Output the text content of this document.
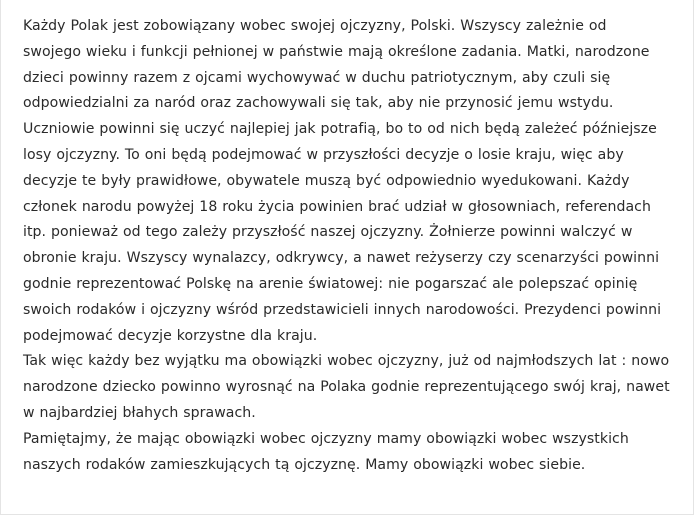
Każdy Polak jest zobowiązany wobec swojej ojczyzny, Polski. Wszyscy zależnie od
swojego wieku i funkcji pełnionej w państwie mają określone zadania. Matki, narodzone
dzieci powinny razem z ojcami wychowywać w duchu patriotycznym, aby czuli się
odpowiedzialni za naród oraz zachowywali się tak, aby nie przynosić jemu wstydu.
Uczniowie powinni się uczyć najlepiej jak potrafią, bo to od nich będą zależeć późniejsze
losy ojczyzny. To oni będą podejmować w przyszłości decyzje o losie kraju, więc aby
decyzje te były prawidłowe, obywatele muszą być odpowiednio wyedukowani. Każdy
członek narodu powyżej 18 roku życia powinien brać udział w głosowniach, referendach
itp. ponieważ od tego zależy przyszłość naszej ojczyzny. Żołnierze powinni walczyć w
obronie kraju. Wszyscy wynalazcy, odkrywcy, a nawet reżyserzy czy scenarzyści powinni
godnie reprezentować Polskę na arenie światowej: nie pogarszać ale polepszać opinię
swoich rodaków i ojczyzny wśród przedstawicieli innych narodowości. Prezydenci powinni
podejmować decyzje korzystne dla kraju.
Tak więc każdy bez wyjątku ma obowiązki wobec ojczyzny, już od najmłodszych lat : nowo
narodzone dziecko powinno wyrosnąć na Polaka godnie reprezentującego swój kraj, nawet
w najbardziej błahych sprawach.
Pamiętajmy, że mając obowiązki wobec ojczyzny mamy obowiązki wobec wszystkich
naszych rodaków zamieszkujących tą ojczyznę. Mamy obowiązki wobec siebie.
